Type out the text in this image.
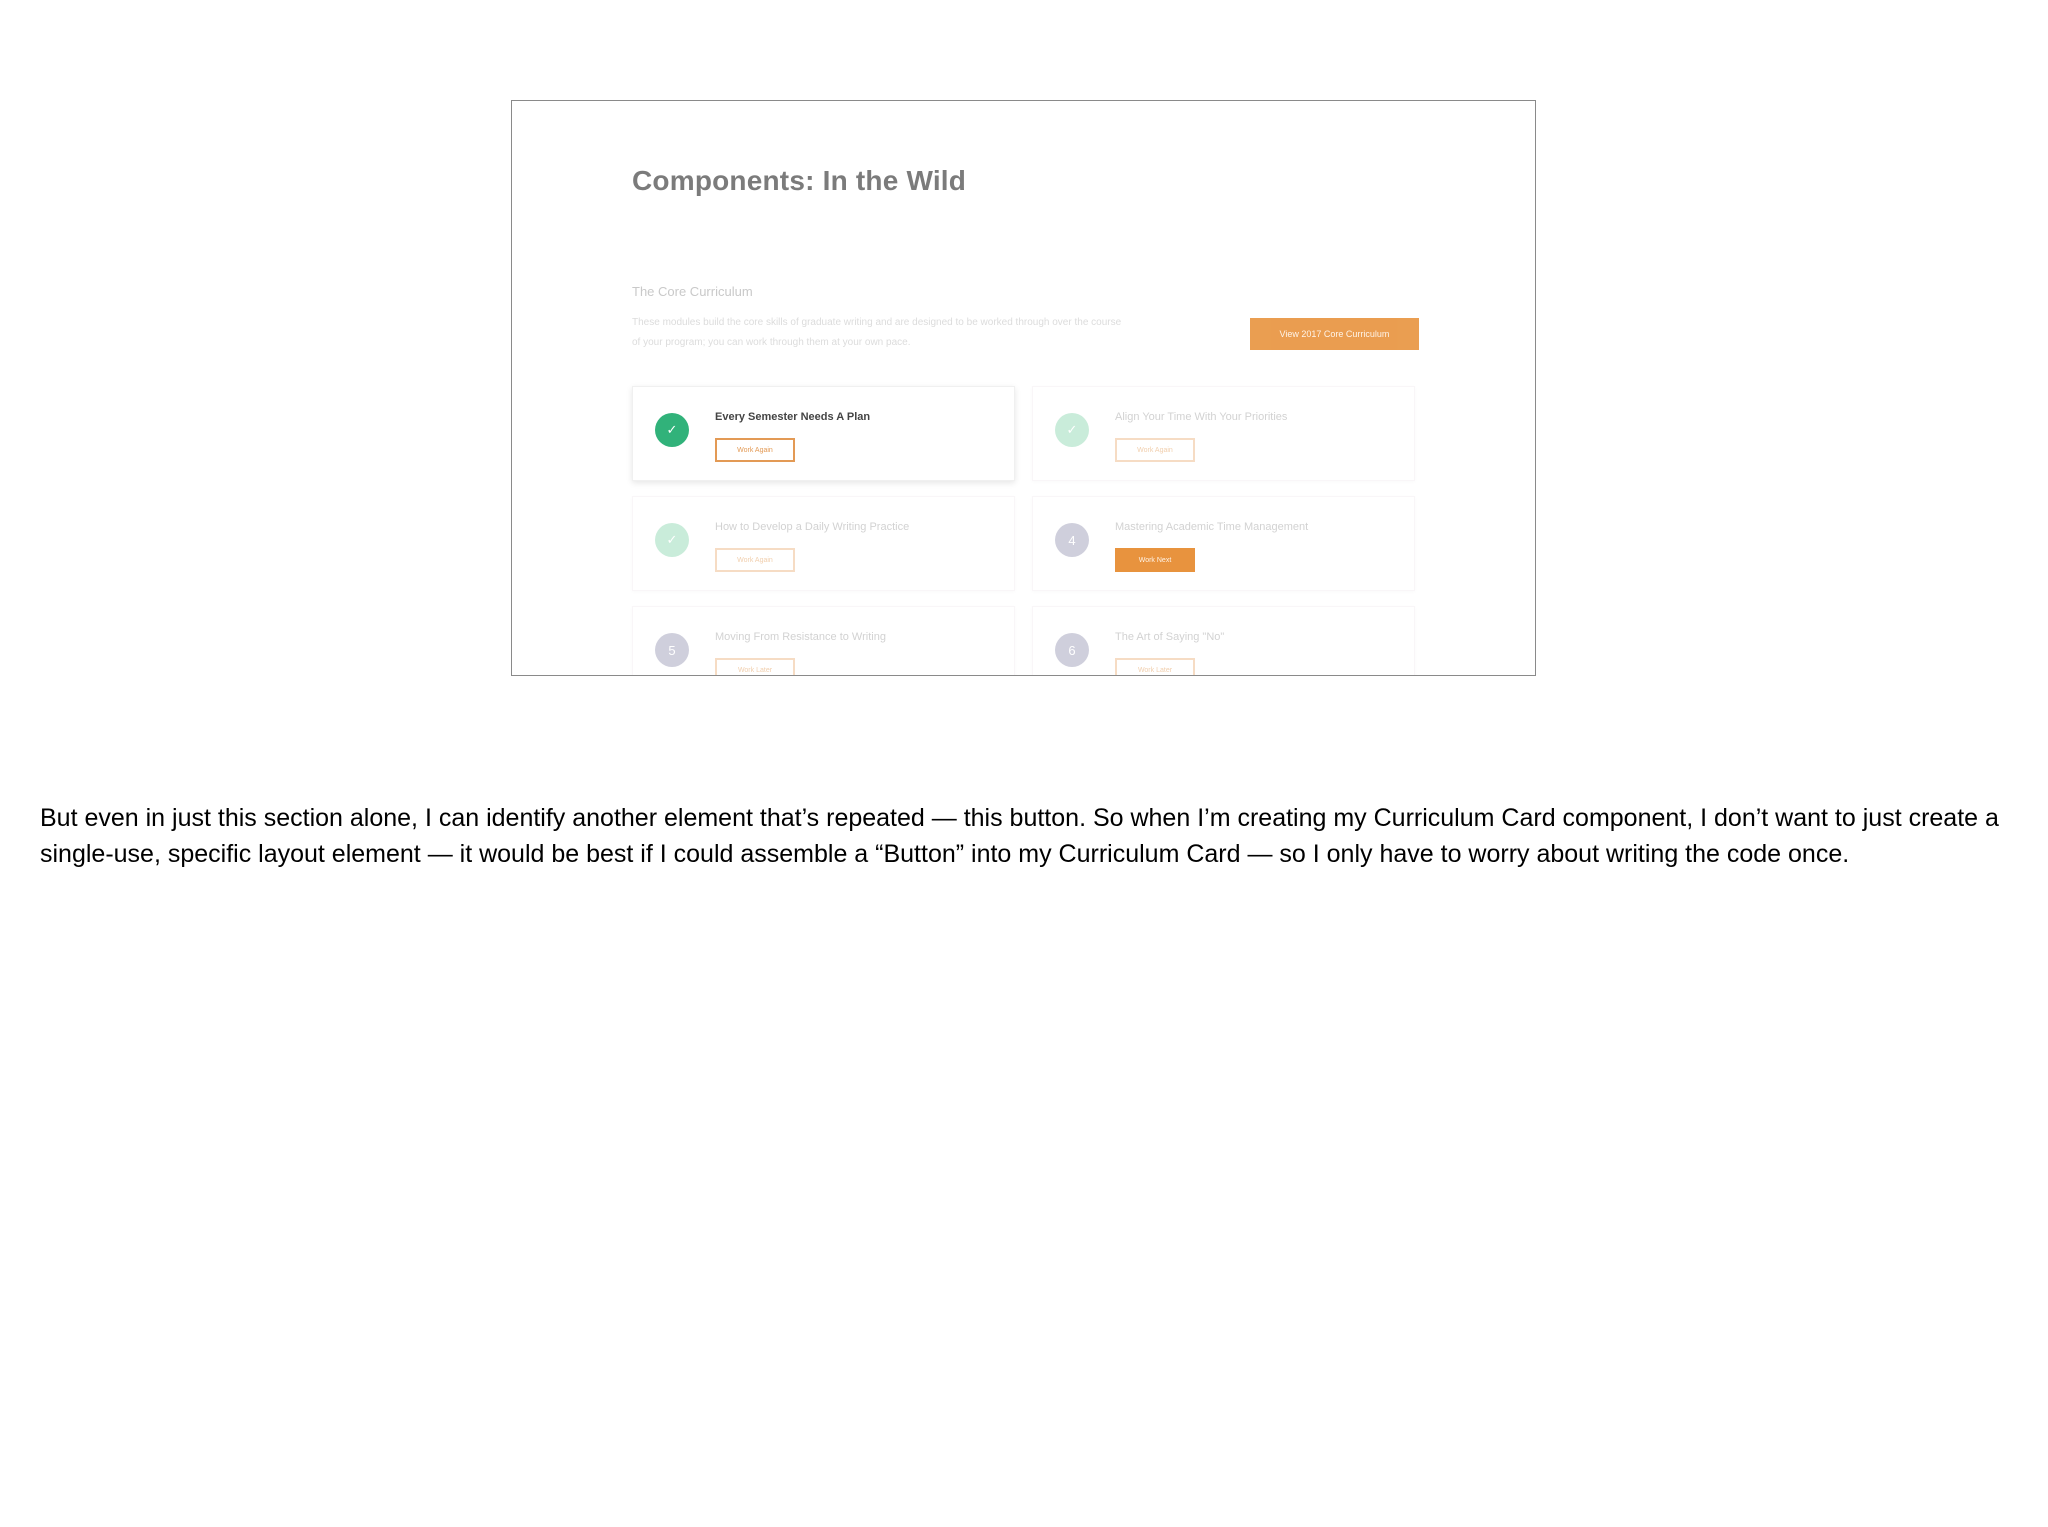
Components: In the Wild
The Core Curriculum
These modules build the core skills of graduate writing and are designed to be worked through over the course of your program; you can work through them at your own pace.
View 2017 Core Curriculum
✓
Every Semester Needs A Plan
Work Again
✓
Align Your Time With Your Priorities
Work Again
✓
How to Develop a Daily Writing Practice
Work Again
4
Mastering Academic Time Management
Work Next
5
Moving From Resistance to Writing
Work Later
6
The Art of Saying "No"
Work Later
But even in just this section alone, I can identify another element that’s repeated — this button. So when I’m creating my Curriculum Card component, I don’t want to just create a single-use, specific layout element — it would be best if I could assemble a “Button” into my Curriculum Card — so I only have to worry about writing the code once.
